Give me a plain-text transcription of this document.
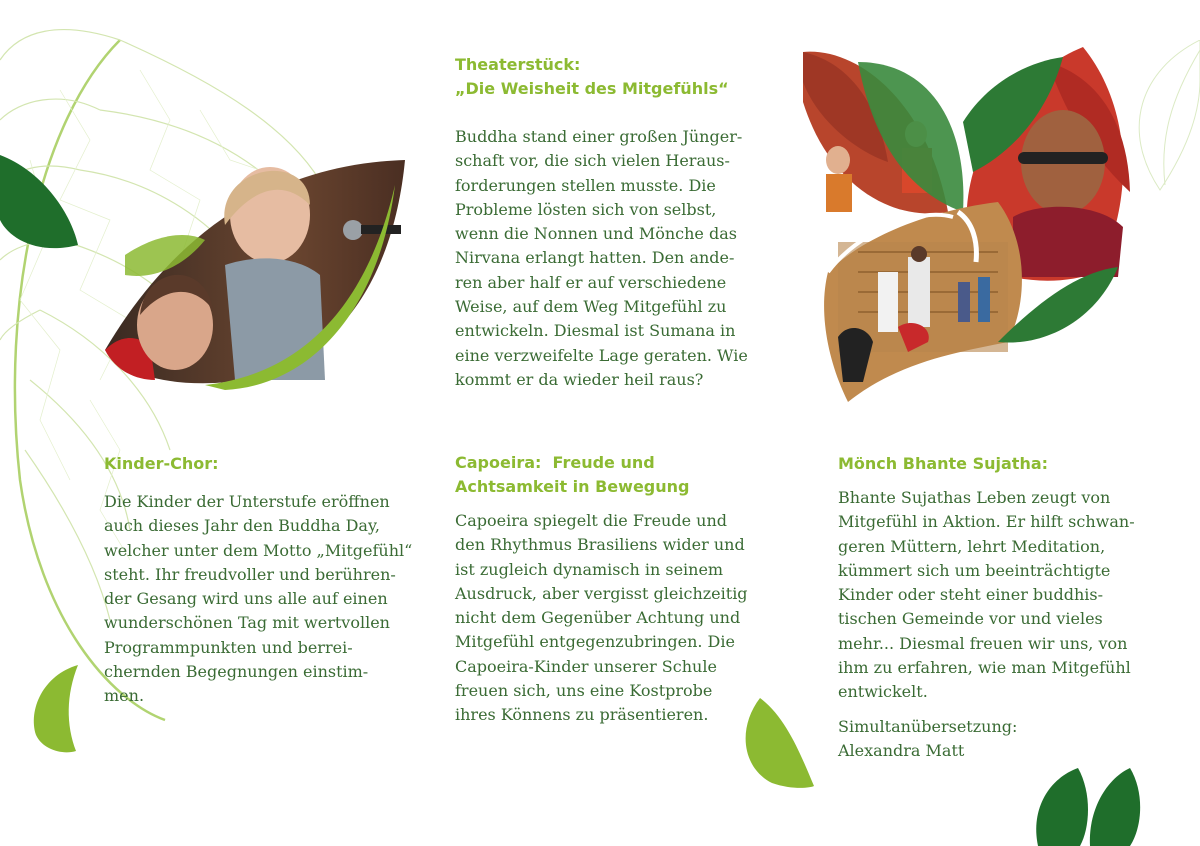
Theaterstück:

„Die Weisheit des Mitgefühls“

Buddha stand einer großen Jünger-

schaft vor, die sich vielen Heraus-

forderungen stellen musste. Die

Probleme lösten sich von selbst,

wenn die Nonnen und Mönche das

Nirvana erlangt hatten. Den ande-

ren aber half er auf verschiedene

Weise, auf dem Weg Mitgefühl zu

entwickeln. Diesmal ist Sumana in

eine verzweifelte Lage geraten. Wie

kommt er da wieder heil raus?

Kinder-Chor:

Die Kinder der Unterstufe eröffnen

auch dieses Jahr den Buddha Day,

welcher unter dem Motto „Mitgefühl“

steht. Ihr freudvoller und berühren-

der Gesang wird uns alle auf einen

wunderschönen Tag mit wertvollen

Programmpunkten und berrei-

chernden Begegnungen einstim-

men.

Capoeira:  Freude und

Achtsamkeit in Bewegung

Capoeira spiegelt die Freude und

den Rhythmus Brasiliens wider und

ist zugleich dynamisch in seinem

Ausdruck, aber vergisst gleichzeitig

nicht dem Gegenüber Achtung und

Mitgefühl entgegenzubringen. Die

Capoeira-Kinder unserer Schule

freuen sich, uns eine Kostprobe

ihres Könnens zu präsentieren.

Mönch Bhante Sujatha:

Bhante Sujathas Leben zeugt von

Mitgefühl in Aktion. Er hilft schwan-

geren Müttern, lehrt Meditation,

kümmert sich um beeinträchtigte

Kinder oder steht einer buddhis-

tischen Gemeinde vor und vieles

mehr... Diesmal freuen wir uns, von

ihm zu erfahren, wie man Mitgefühl

entwickelt.

Simultanübersetzung:

Alexandra Matt
